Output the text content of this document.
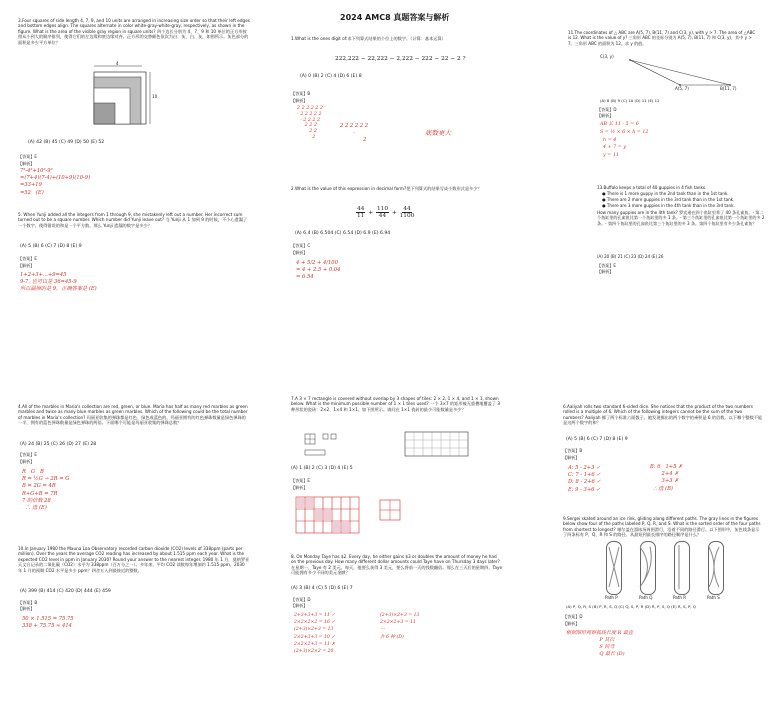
2024 AMC8 真题答案与解析
3.Four squares of side length 4, 7, 9, and 10 units are arranged in increasing size order so that their left edges and bottom edges align. The squares alternate in color white-gray-white-gray, respectively, as shown in the figure. What is the area of the visible gray region in square units? 四个边长分别为 4、7、9 和 10 单位的正方形按照从小到大的顺序排列，使得它们的左边缘和底边缘对齐。正方形的交替颜色依次为白、灰、白、灰，如图所示。灰色部分的面积是多少平方单位？
4
10
(A) 42 (B) 45 (C) 49 (D) 50 (E) 52
【答案】E
【解析】
7²-4²+10²-9²
=(7+4)(7-4)+(10+9)(10-9)
=33+19
=52   (E)
5. When Yunji added all the integers from 1 through 9, she mistakenly left out a number. Her incorrect sum turned out to be a square number. Which number did Yunji leave out? 当 Yunji 从 1 加到 9 的时候，不小心遗漏了一个数字。使得错误的和是一个平方数。那么 Yunji 遗漏的数字是多少？
(A) 5 (B) 6 (C) 7 (D) 8 (E) 9
【答案】E
【解析】
1+2+3+...+9=45
9-7, 也可以是 36=45-9
所以漏掉的是 9，正确答案是 (E)
1.What is the ones digit of:求下列算式结果的个位上的数字。（计算：基本运算）
222,222 − 22,222 − 2,222 − 222 − 22 − 2 ?
(A) 0 (B) 2 (C) 4 (D) 6 (E) 8
【答案】B
【解析】
2 2 2 2 2 2
- 2 2 2 2 2
- 2 2 2 2
2 2 2
2 2
2
2 2 2 2 2 2
·
2
底数更大
2.What is the value of this expression in decimal form?把下列算式的结果写成小数形式是多少？
$\frac{44}{11} + \frac{110}{44} + \frac{44}{1100}$
(A) 6.4 (B) 6.504 (C) 6.54 (D) 6.9 (E) 6.94
【答案】C
【解析】
4 + 5/2 + 4/100
= 4 + 2.5 + 0.04
= 6.54
11.The coordinates of △ ABC are A(5, 7), B(11, 7) and C(3, y), with y > 7. The area of △ABC is 12. What is the value of y? 三角形 ABC 的坐标分别为 A(5, 7), B(11, 7) 和 C(3, y)，其中 y > 7。三角形 ABC 的面积为 12。求 y 的值。
C(3, y)
A(5, 7)	B(11, 7)
(A) 8 (B) 9 (C) 10 (D) 11 (E) 12
【答案】D
【解析】
AB 长 11 - 5 = 6
S = ½ × 6 × h = 12
h = 4
4 + 7 = y
y = 11
13.Buffalo keeps a total of 40 guppies in 4 fish tanks.
● There is 1 more guppy in the 2nd tank than in the 1st tank.
● There are 2 more guppies in the 3rd tank than in the 1st tank.
● There are 3 more guppies in the 4th tank than in the 3rd tank.
How many guppies are in the 4th tank? 罗宾逊在四个鱼缸里养了 40 条孔雀鱼。- 第二个鱼缸里的孔雀鱼比第一个鱼缸里的多 1 条。- 第三个鱼缸里的孔雀鱼比第一个鱼缸里的多 2 条。- 第四个鱼缸里的孔雀鱼比第三个鱼缸里的多 3 条。第四个鱼缸里有多少条孔雀鱼？
(A) 20 (B) 21 (C) 23 (D) 24 (E) 26
【答案】E
【解析】
4.All of the marbles in Maria's collection are red, green, or blue. Maria has half as many red marbles as green marbles and twice as many blue marbles as green marbles. Which of the following could be the total number of marbles in Maria's collection? 玛丽亚收集的弹珠都是红色、绿色或蓝色的。玛丽亚拥有的红色弹珠数量是绿色弹珠的一半，拥有的蓝色弹珠数量是绿色弹珠的两倍。下面哪个可能是玛丽亚收集的弹珠总数？
(A) 24 (B) 25 (C) 26 (D) 27 (E) 28
【答案】E
【解析】
R   G   B
R = ½G → 2R = G
B = 2G = 4R
R+G+B = 7R
7 的倍数 28
∴ 选 (E)
10.In January 1980 the Mauna Loa Observatory recorded carbon dioxide (CO2) levels of 338ppm (parts per million). Over the years the average CO2 reading has increased by about 1.515 ppm each year. What is the expected CO2 level in ppm in January 2030? Round your answer to the nearest integer. 1980 年 1 月，莫纳罗亚天文台记录的二氧化碳（CO2）水平为 338ppm（百万分之一）。多年来，平均 CO2 读数每年增加约 1.515 ppm。2030 年 1 月的预期 CO2 水平是多少 ppm？四舍五入到最接近的整数。
(A) 399 (B) 414 (C) 420 (D) 444 (E) 459
【答案】B
【解析】
50 × 1.515 = 75.75
338 + 75.75 ≈ 414
7.A 3 × 7 rectangle is covered without overlap by 3 shapes of tiles: 2 × 2, 1 × 4, and 1 × 1, shown below. What is the minimum possible number of 1 × 1 tiles used? 一个 3×7 的矩形被无重叠地覆盖了 3 种形状的瓷砖：2×2、1×4 和 1×1。如下图所示。请问在 1×1 瓷砖的最少可能数量是多少？
(A) 1 (B) 2 (C) 3 (D) 4 (E) 5
【答案】E
【解析】
8. On Monday Taye has $2. Every day, he either gains $3 or doubles the amount of money he had on the previous day. How many different dollar amounts could Taye have on Thursday 3 days later? 在星期一，Taye 有 2 美元。每天，他要么获得 3 美元，要么将前一天的钱数翻倍。那么在三天后的星期四，Taye 可能拥有多少不同的美元金额？
(A) 3 (B) 4 (C) 5 (D) 6 (E) 7
【答案】D
【解析】
2+3+3+3 = 11 ✓
2×2×2×2 = 16 ✓
(2+3)×2+3 = 13
2×2+3+3 = 10 ✓
2×2×2+3 = 11 ✗
(2+3)×2×2 = 20
(2+3)×2+3 = 13
2×2×2+3 = 11
⋯
共 6 种 (D)
6.Aaliyah rolls two standard 6-sided dice. She notices that the product of the two numbers rolled is a multiple of 6. Which of the following integers cannot be the sum of the two numbers? Aaliyah 掷了两个标准六面骰子。她发现掷出的两个数字的乘积是 6 的倍数。以下哪个整数不能是这两个数字的和？
(A) 5 (B) 6 (C) 7 (D) 8 (E) 9
【答案】B
【解析】
A: 5 - 2+3 ✓
C: 7 - 1+6 ✓
D: 8 - 2+6 ✓
E: 9 - 3+6 ✓
B: 6   1+5 ✗
2+4 ✗
3+3 ✗
∴ 选 (B)
9.Sergei skated around an ice rink, gliding along different paths. The gray lines in the figures below show four of the paths labeled P, Q, R, and S. What is the sorted order of the four paths from shortest to longest? 谢尔盖在溜冰场周围滑行，沿着不同的路径滑行。以下图形中，灰色线条显示了四条标有 P、Q、R 和 S 的路径。从最短到最长排序的路径顺序是什么？
Path P	Path Q	Path R	Path S
(A) P, Q, R, S (B) P, R, S, Q (C) Q, S, P, R (D) R, P, S, Q (E) R, S, P, Q
【答案】D
【解析】
根据图形观察弧线长度 R 最直
P 其次
S 较弯
Q 最长 (D)
